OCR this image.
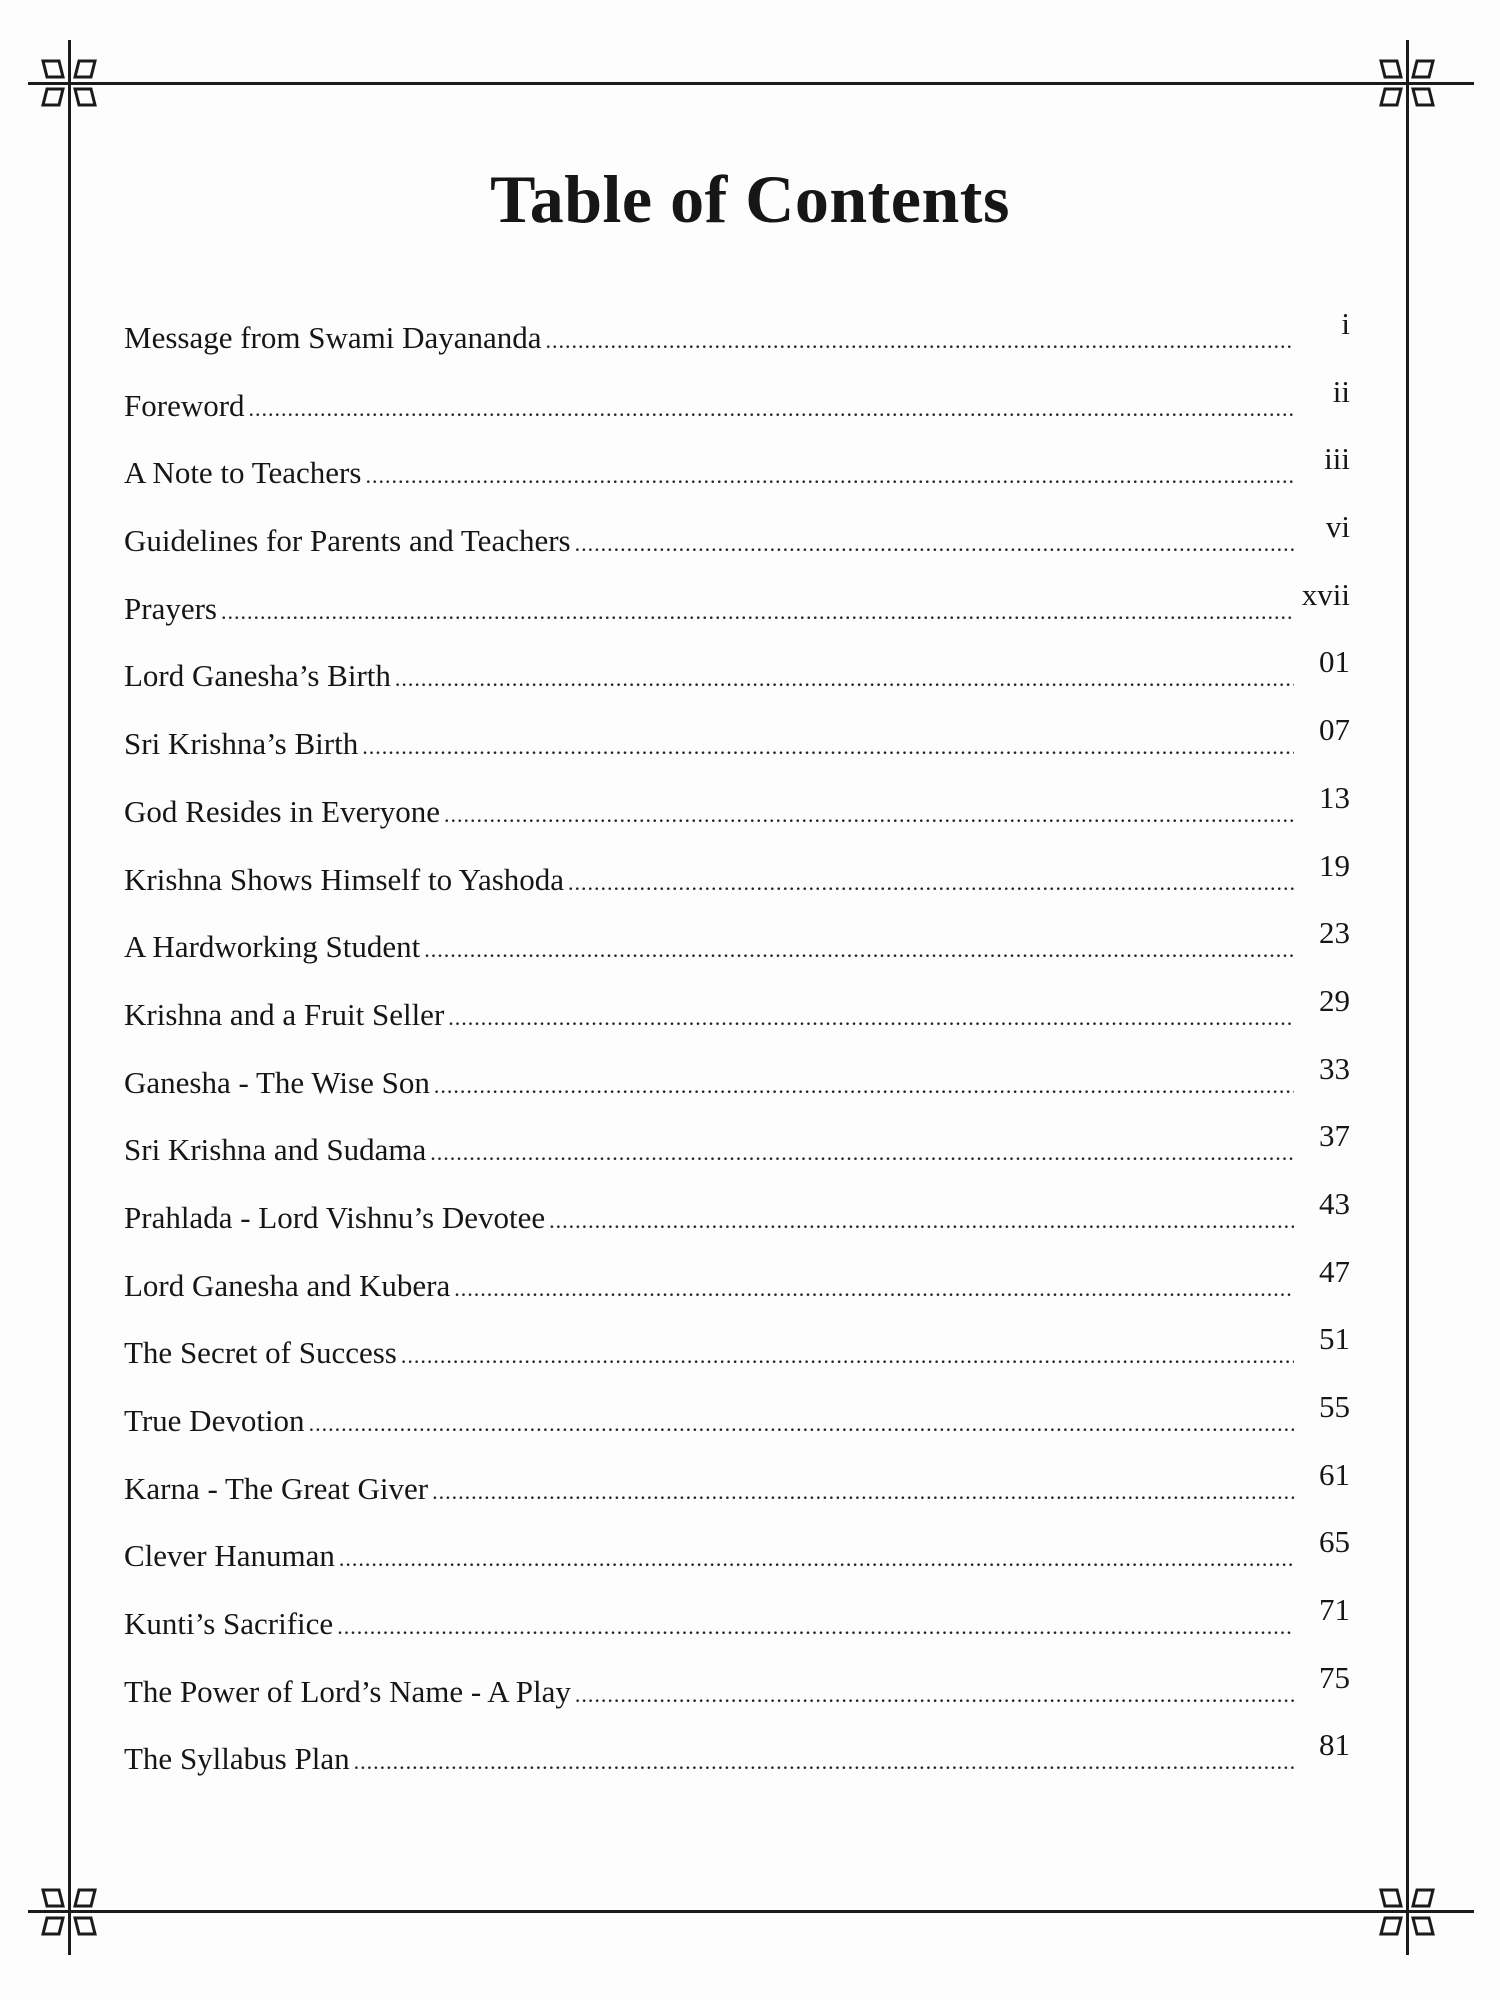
Table of Contents
Message from Swami Dayananda .....	i
Foreword .....	ii
A Note to Teachers .....	iii
Guidelines for Parents and Teachers .....	vi
Prayers .....	xvii
Lord Ganesha’s Birth .....	01
Sri Krishna’s Birth .....	07
God Resides in Everyone .....	13
Krishna Shows Himself to Yashoda .....	19
A Hardworking Student .....	23
Krishna and a Fruit Seller .....	29
Ganesha - The Wise Son .....	33
Sri Krishna and Sudama .....	37
Prahlada - Lord Vishnu’s Devotee .....	43
Lord Ganesha and Kubera .....	47
The Secret of Success .....	51
True Devotion .....	55
Karna - The Great Giver .....	61
Clever Hanuman .....	65
Kunti’s Sacrifice .....	71
The Power of Lord’s Name - A Play .....	75
The Syllabus Plan .....	81
